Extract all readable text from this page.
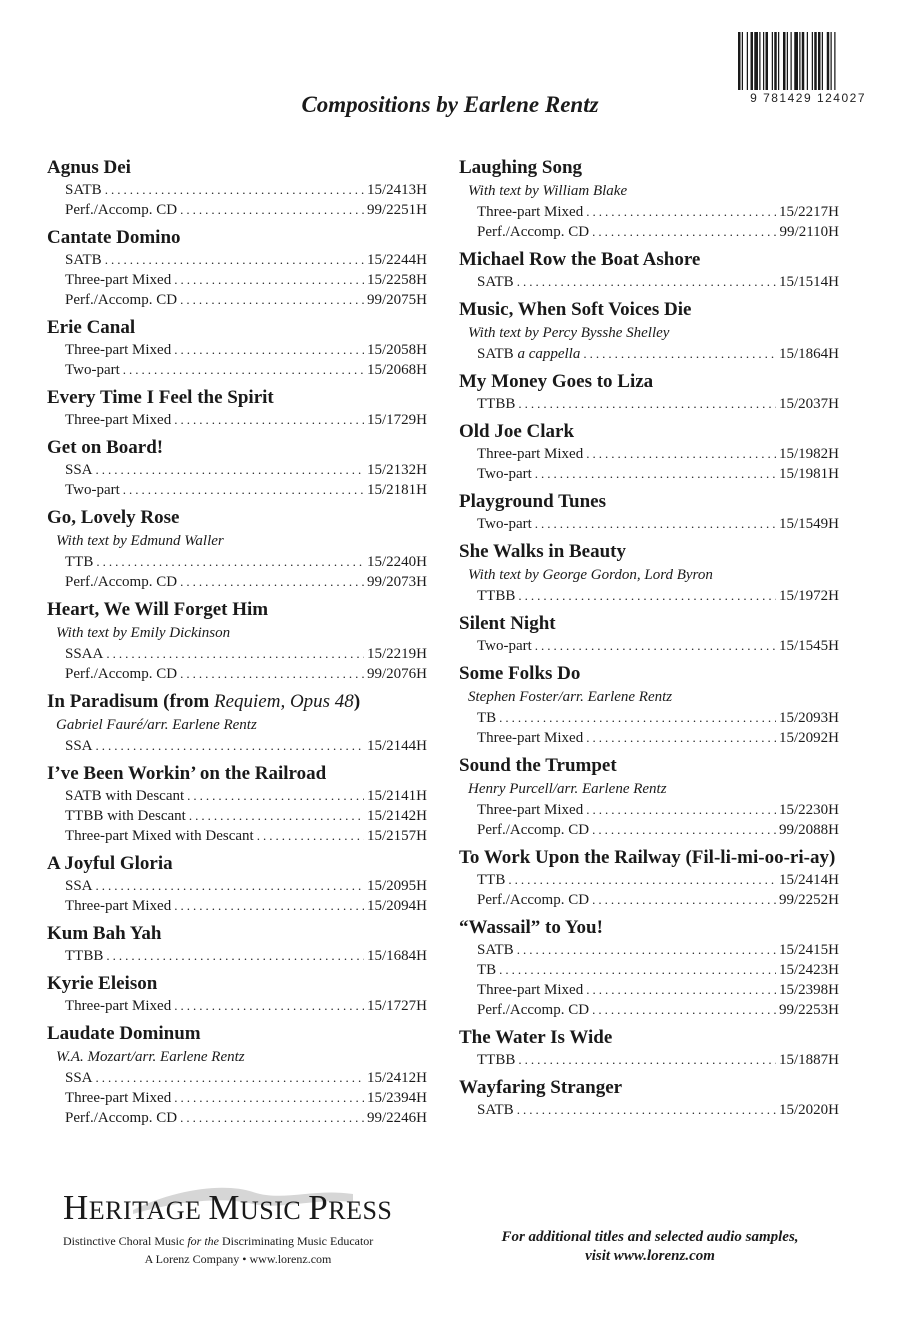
9 781429 124027
Compositions by Earlene Rentz
Agnus Dei
SATB .....	15/2413H
Perf./Accomp. CD .....	99/2251H
Cantate Domino
SATB .....	15/2244H
Three-part Mixed .....	15/2258H
Perf./Accomp. CD .....	99/2075H
Erie Canal
Three-part Mixed .....	15/2058H
Two-part .....	15/2068H
Every Time I Feel the Spirit
Three-part Mixed .....	15/1729H
Get on Board!
SSA .....	15/2132H
Two-part .....	15/2181H
Go, Lovely Rose
With text by Edmund Waller
TTB .....	15/2240H
Perf./Accomp. CD .....	99/2073H
Heart, We Will Forget Him
With text by Emily Dickinson
SSAA .....	15/2219H
Perf./Accomp. CD .....	99/2076H
In Paradisum (from Requiem, Opus 48)
Gabriel Fauré/arr. Earlene Rentz
SSA .....	15/2144H
I’ve Been Workin’ on the Railroad
SATB with Descant .....	15/2141H
TTBB with Descant .....	15/2142H
Three-part Mixed with Descant .....	15/2157H
A Joyful Gloria
SSA .....	15/2095H
Three-part Mixed .....	15/2094H
Kum Bah Yah
TTBB .....	15/1684H
Kyrie Eleison
Three-part Mixed .....	15/1727H
Laudate Dominum
W.A. Mozart/arr. Earlene Rentz
SSA .....	15/2412H
Three-part Mixed .....	15/2394H
Perf./Accomp. CD .....	99/2246H
Laughing Song
With text by William Blake
Three-part Mixed .....	15/2217H
Perf./Accomp. CD .....	99/2110H
Michael Row the Boat Ashore
SATB .....	15/1514H
Music, When Soft Voices Die
With text by Percy Bysshe Shelley
SATB a cappella .....	15/1864H
My Money Goes to Liza
TTBB .....	15/2037H
Old Joe Clark
Three-part Mixed .....	15/1982H
Two-part .....	15/1981H
Playground Tunes
Two-part .....	15/1549H
She Walks in Beauty
With text by George Gordon, Lord Byron
TTBB .....	15/1972H
Silent Night
Two-part .....	15/1545H
Some Folks Do
Stephen Foster/arr. Earlene Rentz
TB .....	15/2093H
Three-part Mixed .....	15/2092H
Sound the Trumpet
Henry Purcell/arr. Earlene Rentz
Three-part Mixed .....	15/2230H
Perf./Accomp. CD .....	99/2088H
To Work Upon the Railway (Fil-li-mi-oo-ri-ay)
TTB .....	15/2414H
Perf./Accomp. CD .....	99/2252H
“Wassail” to You!
SATB .....	15/2415H
TB .....	15/2423H
Three-part Mixed .....	15/2398H
Perf./Accomp. CD .....	99/2253H
The Water Is Wide
TTBB .....	15/1887H
Wayfaring Stranger
SATB .....	15/2020H
HERITAGE MUSIC PRESS
Distinctive Choral Music for the Discriminating Music Educator
A Lorenz Company • www.lorenz.com
For additional titles and selected audio samples,
visit www.lorenz.com
